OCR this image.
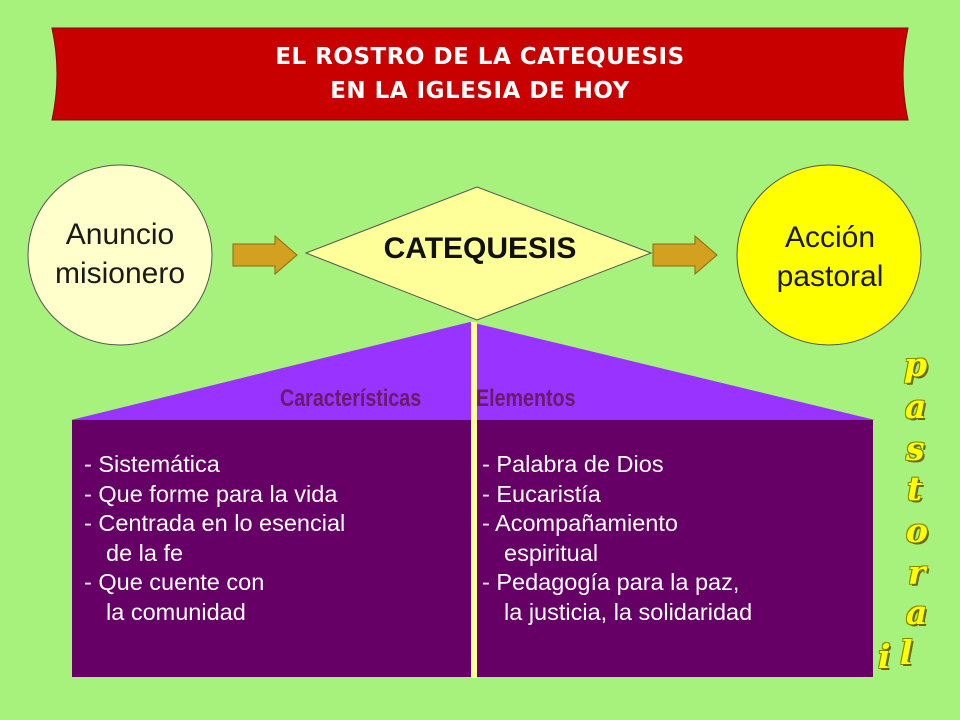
EL ROSTRO DE LA CATEQUESIS
EN LA IGLESIA DE HOY
Anuncio
misionero
Acción
pastoral
CATEQUESIS
Características Elementos
- Sistemática
- Que forme para la vida
- Centrada en lo esencial
de la fe
- Que cuente con
la comunidad
- Palabra de Dios
- Eucaristía
- Acompañamiento
espiritual
- Pedagogía para la paz,
la justicia, la solidaridad
p
a
s
t
o
r
a
l
i
